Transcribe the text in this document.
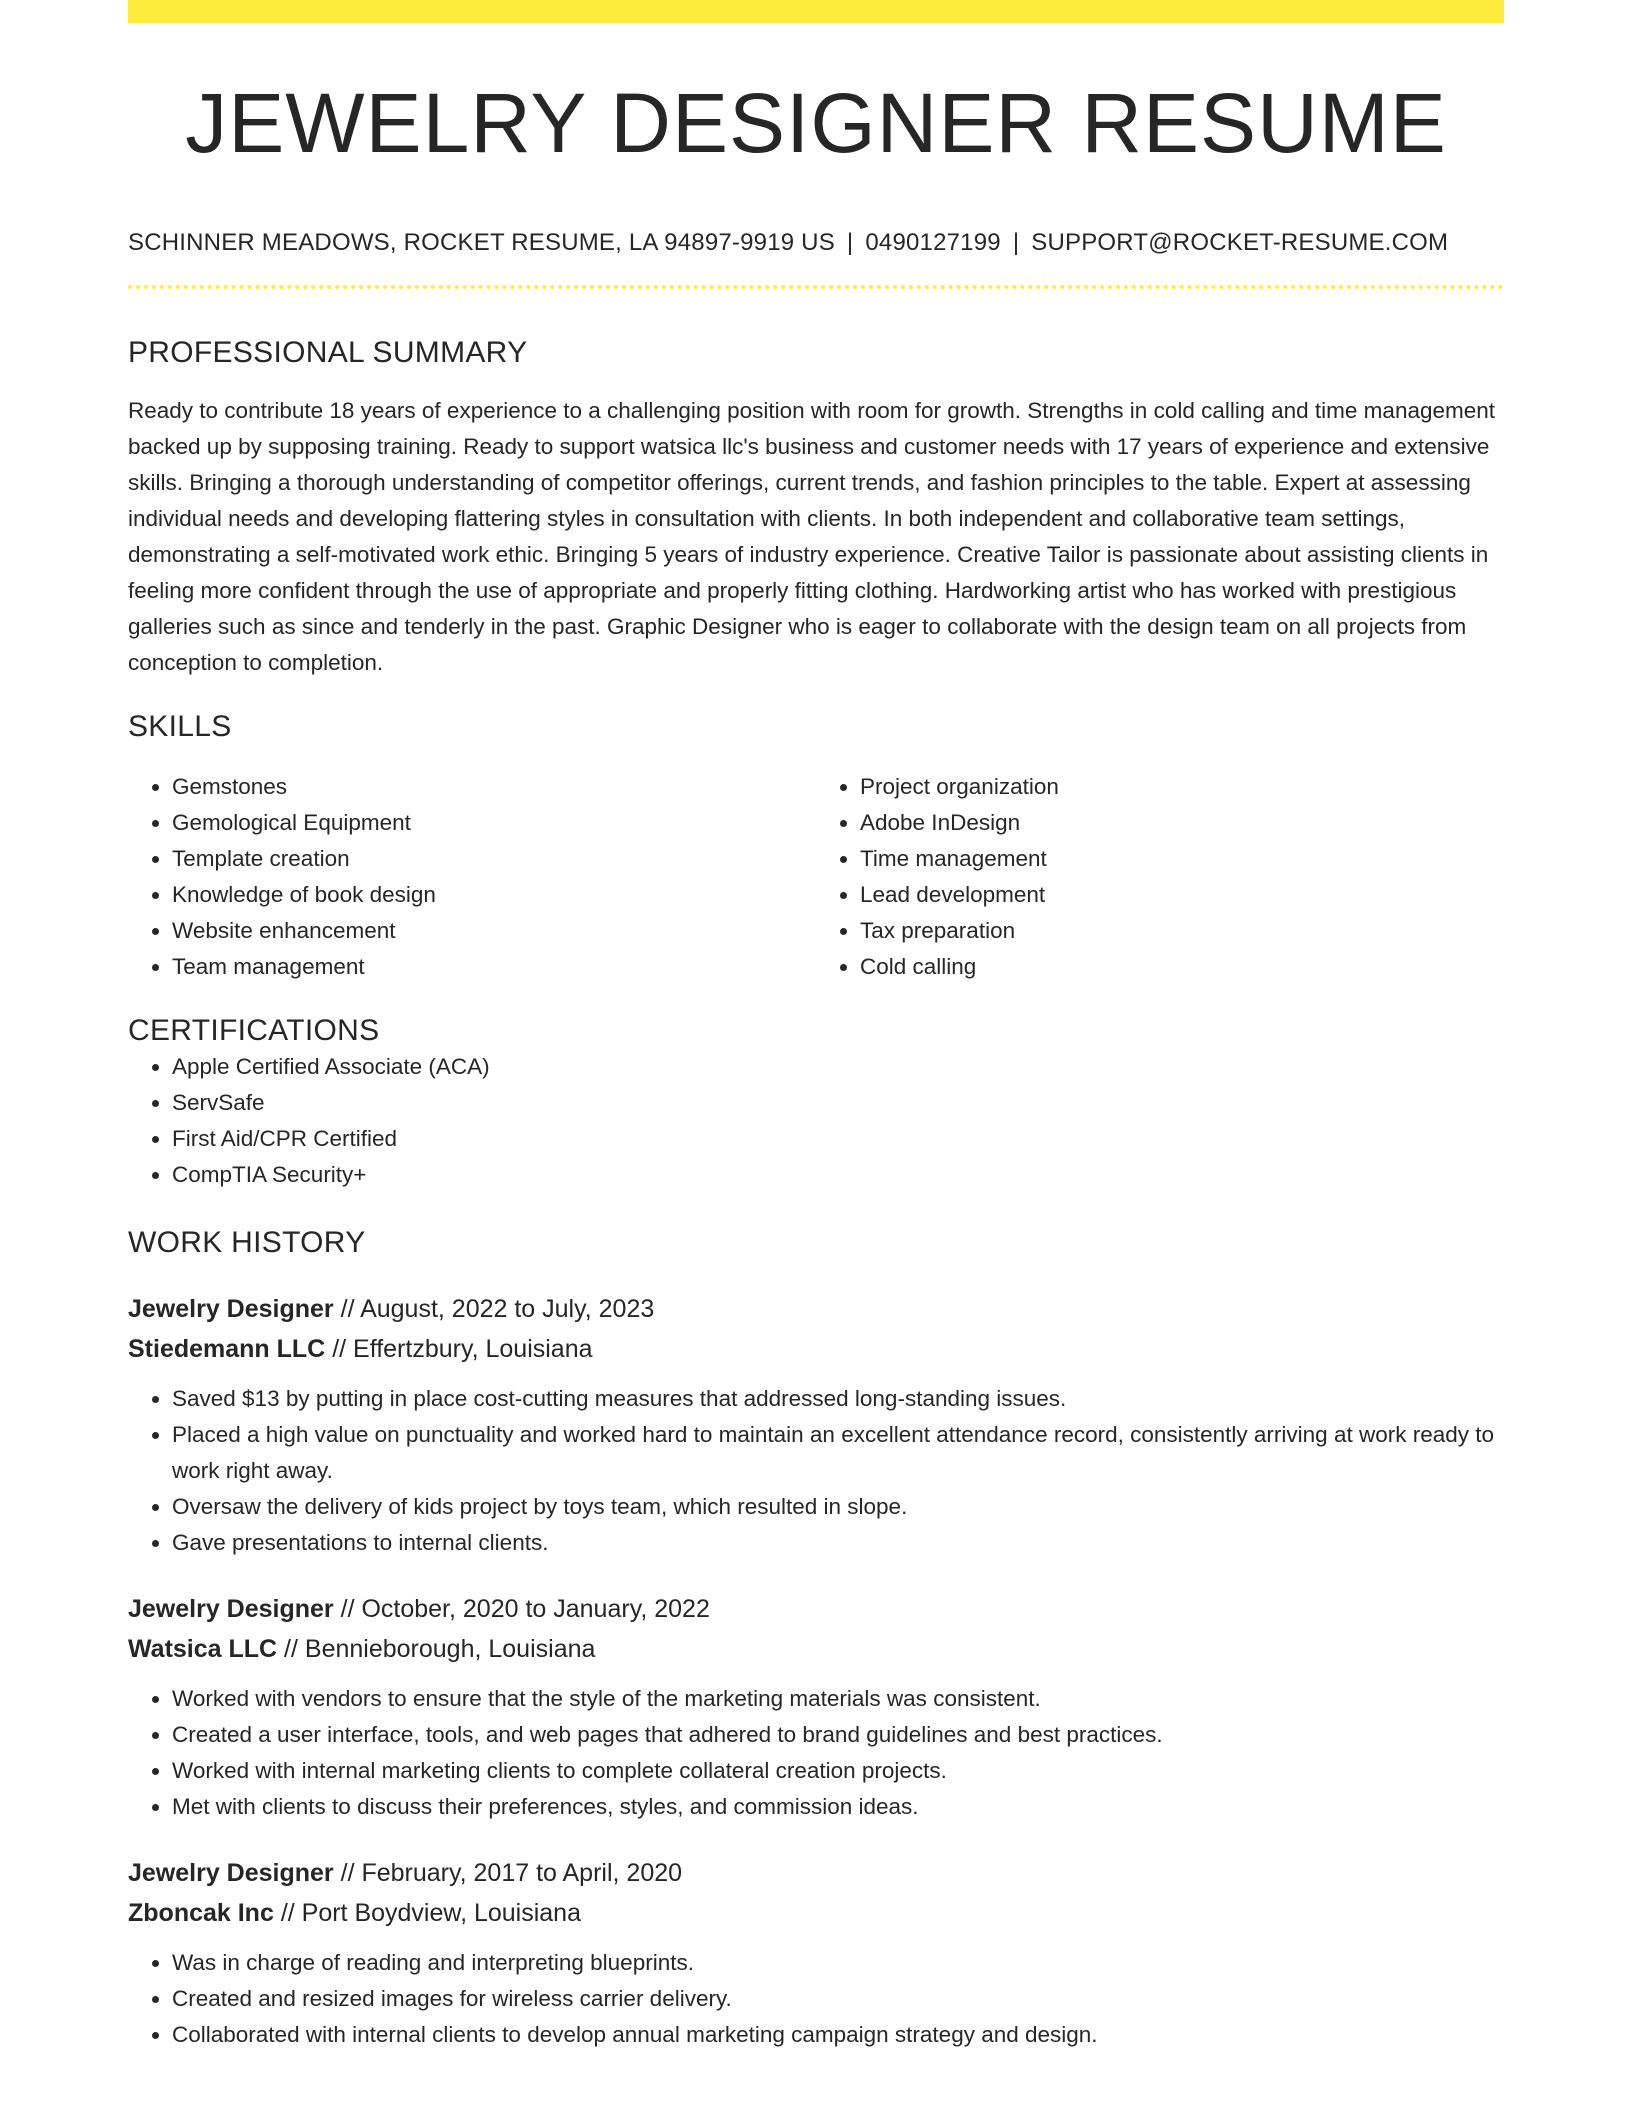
JEWELRY DESIGNER RESUME
SCHINNER MEADOWS, ROCKET RESUME, LA 94897-9919 US | 0490127199 | SUPPORT@ROCKET-RESUME.COM
PROFESSIONAL SUMMARY

Ready to contribute 18 years of experience to a challenging position with room for growth. Strengths in cold calling and time management backed up by supposing training. Ready to support watsica llc's business and customer needs with 17 years of experience and extensive skills. Bringing a thorough understanding of competitor offerings, current trends, and fashion principles to the table. Expert at assessing individual needs and developing flattering styles in consultation with clients. In both independent and collaborative team settings, demonstrating a self-motivated work ethic. Bringing 5 years of industry experience. Creative Tailor is passionate about assisting clients in feeling more confident through the use of appropriate and properly fitting clothing. Hardworking artist who has worked with prestigious galleries such as since and tenderly in the past. Graphic Designer who is eager to collaborate with the design team on all projects from conception to completion.

SKILLS
• Gemstones
• Gemological Equipment
• Template creation
• Knowledge of book design
• Website enhancement
• Team management
• Project organization
• Adobe InDesign
• Time management
• Lead development
• Tax preparation
• Cold calling
CERTIFICATIONS
• Apple Certified Associate (ACA)
• ServSafe
• First Aid/CPR Certified
• CompTIA Security+
WORK HISTORY
Jewelry Designer // August, 2022 to July, 2023
Stiedemann LLC // Effertzbury, Louisiana
• Saved $13 by putting in place cost-cutting measures that addressed long-standing issues.
• Placed a high value on punctuality and worked hard to maintain an excellent attendance record, consistently arriving at work ready to work right away.
• Oversaw the delivery of kids project by toys team, which resulted in slope.
• Gave presentations to internal clients.
Jewelry Designer // October, 2020 to January, 2022
Watsica LLC // Bennieborough, Louisiana
• Worked with vendors to ensure that the style of the marketing materials was consistent.
• Created a user interface, tools, and web pages that adhered to brand guidelines and best practices.
• Worked with internal marketing clients to complete collateral creation projects.
• Met with clients to discuss their preferences, styles, and commission ideas.
Jewelry Designer // February, 2017 to April, 2020
Zboncak Inc // Port Boydview, Louisiana
• Was in charge of reading and interpreting blueprints.
• Created and resized images for wireless carrier delivery.
• Collaborated with internal clients to develop annual marketing campaign strategy and design.
